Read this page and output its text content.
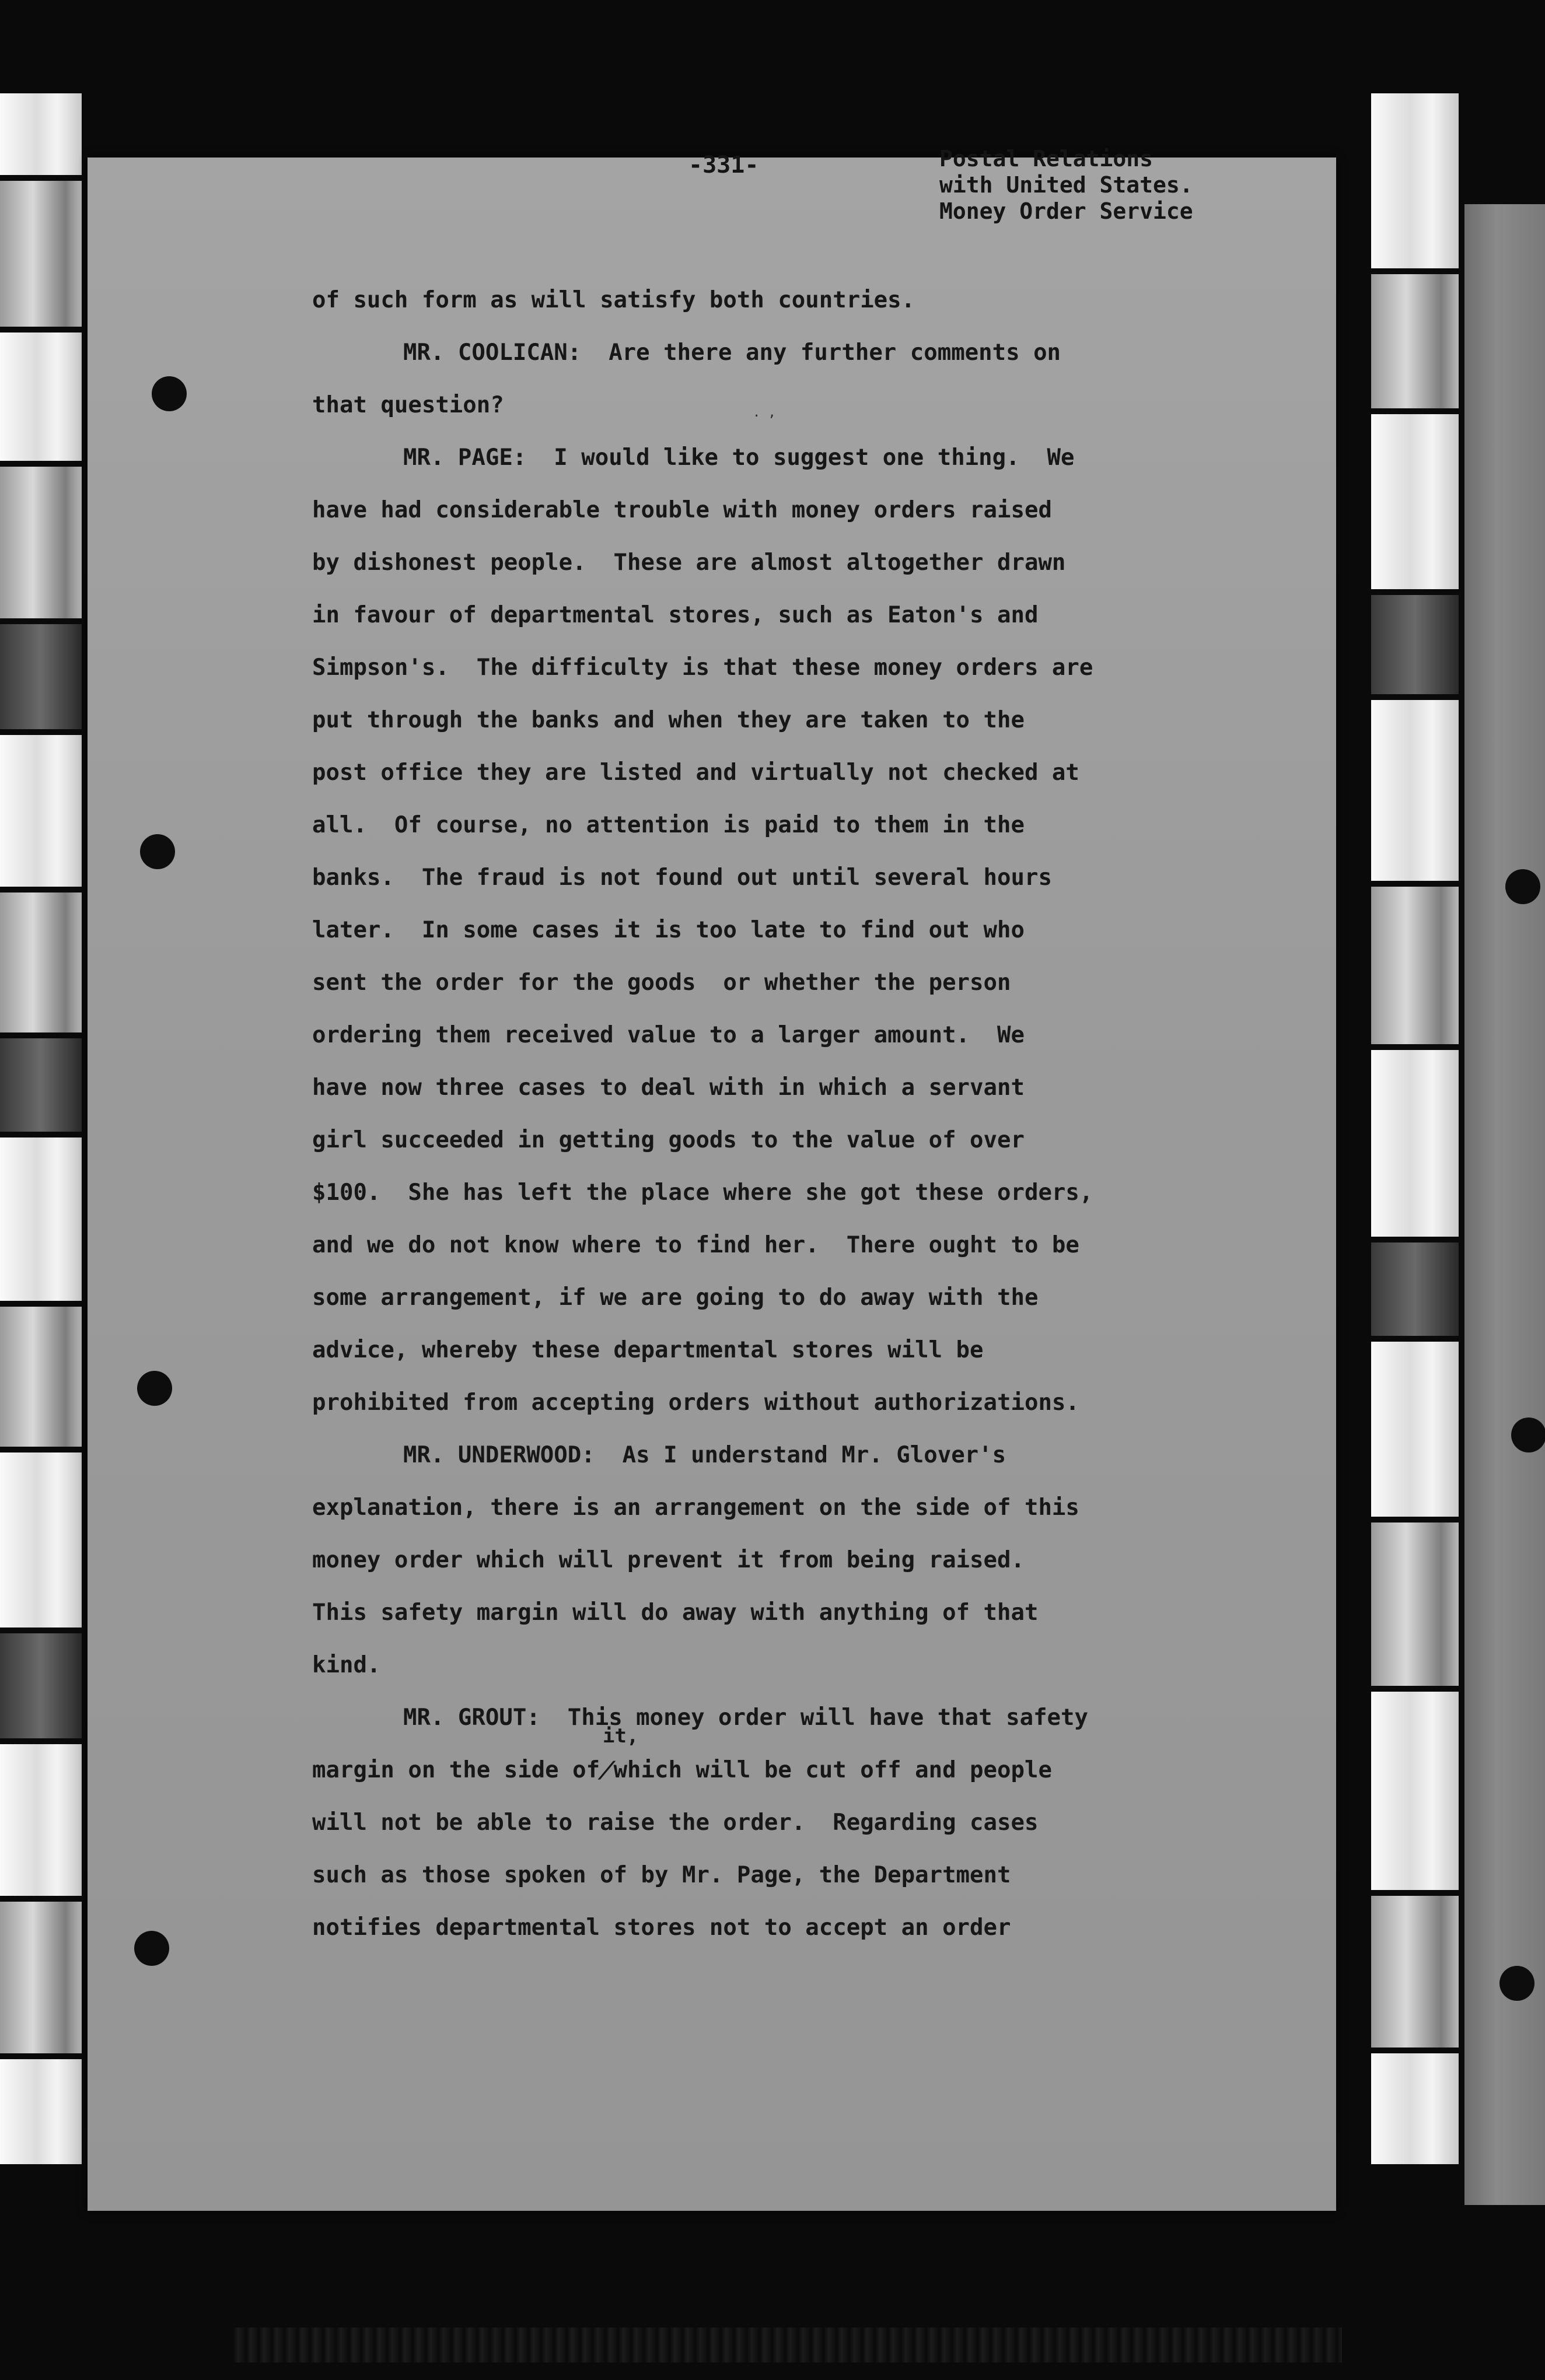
-331-	Postal Relations
with United States.
Money Order Service
. ,
of such form as will satisfy both countries.
MR. COOLICAN:  Are there any further comments on
that question?
MR. PAGE:  I would like to suggest one thing.  We
have had considerable trouble with money orders raised
by dishonest people.  These are almost altogether drawn
in favour of departmental stores, such as Eaton's and
Simpson's.  The difficulty is that these money orders are
put through the banks and when they are taken to the
post office they are listed and virtually not checked at
all.  Of course, no attention is paid to them in the
banks.  The fraud is not found out until several hours
later.  In some cases it is too late to find out who
sent the order for the goods  or whether the person
ordering them received value to a larger amount.  We
have now three cases to deal with in which a servant
girl succeeded in getting goods to the value of over
$100.  She has left the place where she got these orders,
and we do not know where to find her.  There ought to be
some arrangement, if we are going to do away with the
advice, whereby these departmental stores will be
prohibited from accepting orders without authorizations.
MR. UNDERWOOD:  As I understand Mr. Glover's
explanation, there is an arrangement on the side of this
money order which will prevent it from being raised.
This safety margin will do away with anything of that
kind.
MR. GROUT:  This money order will have that safety
margin on the side of/which will be cut off and people
it,
will not be able to raise the order.  Regarding cases
such as those spoken of by Mr. Page, the Department
notifies departmental stores not to accept an order
